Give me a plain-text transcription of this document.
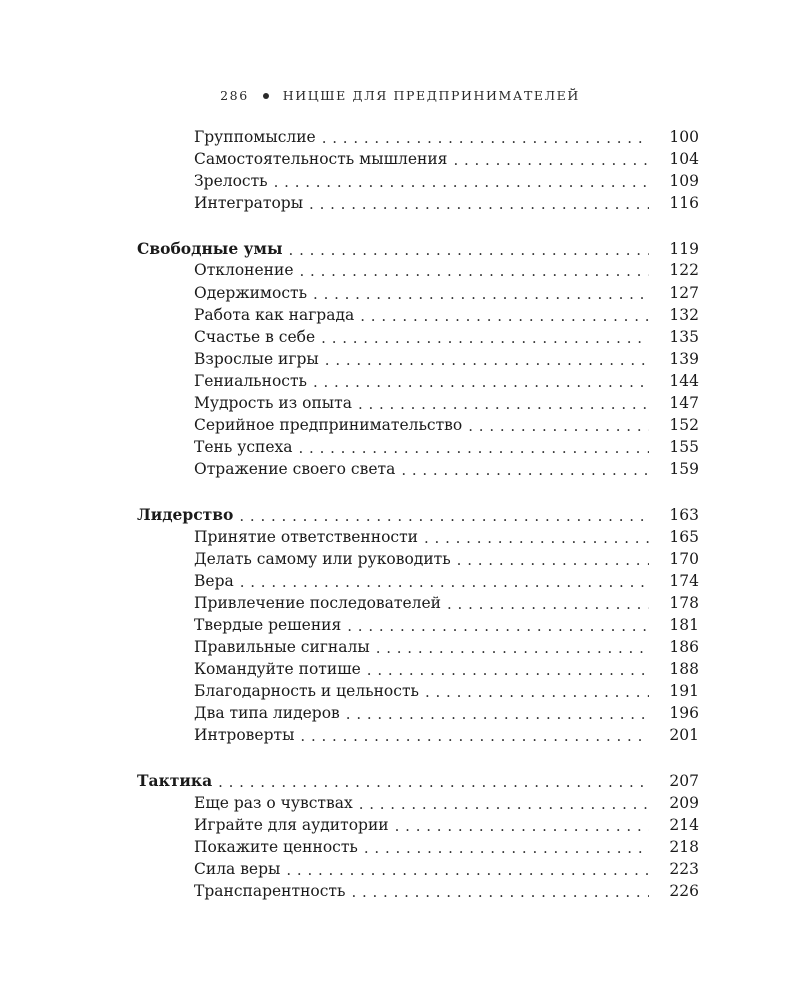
286	НИЦШЕ ДЛЯ ПРЕДПРИНИМАТЕЛЕЙ
Группомыслие . . .	100
Самостоятельность мышления . . .	104
Зрелость . . .	109
Интеграторы . . .	116
Свободные умы . . .	119
Отклонение . . .	122
Одержимость . . .	127
Работа как награда . . .	132
Счастье в себе . . .	135
Взрослые игры . . .	139
Гениальность . . .	144
Мудрость из опыта . . .	147
Серийное предпринимательство . . .	152
Тень успеха . . .	155
Отражение своего света . . .	159
Лидерство . . .	163
Принятие ответственности . . .	165
Делать самому или руководить . . .	170
Вера . . .	174
Привлечение последователей . . .	178
Твердые решения . . .	181
Правильные сигналы . . .	186
Командуйте потише . . .	188
Благодарность и цельность . . .	191
Два типа лидеров . . .	196
Интроверты . . .	201
Тактика . . .	207
Еще раз о чувствах . . .	209
Играйте для аудитории . . .	214
Покажите ценность . . .	218
Сила веры . . .	223
Транспарентность . . .	226
